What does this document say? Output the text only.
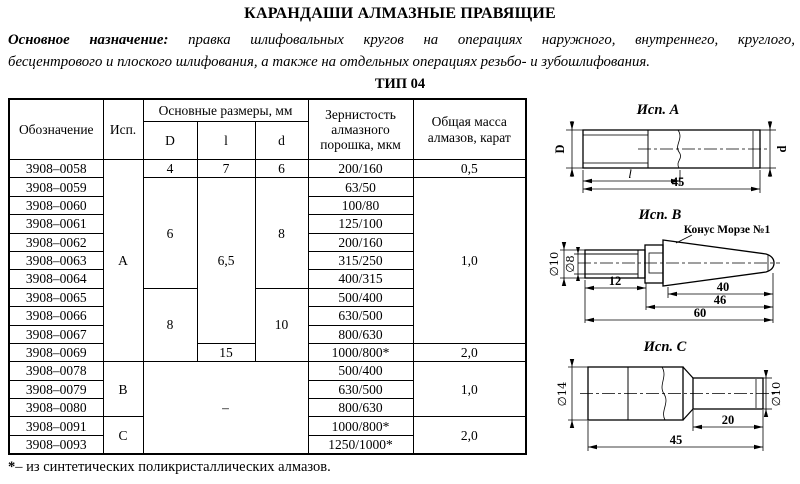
КАРАНДАШИ АЛМАЗНЫЕ ПРАВЯЩИЕ
Основное назначение: правка шлифовальных кругов на операциях наружного, внутреннего, круглого,
бесцентрового и плоского шлифования, а также на отдельных операциях резьбо- и зубошлифования.
ТИП 04
Обозначение	Исп.	Основные размеры, мм			Зернистость алмазного порошка, мкм	Общая масса алмазов, карат
		D	l	d		
3908–0058	А	4	7	6	200/160	0,5
3908–0059		6	6,5	8	63/50	1,0
3908–0060					100/80	
3908–0061					125/100	
3908–0062					200/160	
3908–0063					315/250	
3908–0064					400/315	
3908–0065		8		10	500/400	
3908–0066					630/500	
3908–0067					800/630	
3908–0069			15		1000/800*	2,0
3908–0078	В	–			500/400	1,0
3908–0079					630/500	
3908–0080					800/630	
3908–0091	С				1000/800*	2,0
3908–0093					1250/1000*	
*– из синтетических поликристаллических алмазов.
Исп. А
D	d
l
45
Исп. В
Конус Морзе №1
∅10 ∅8
12	40
46
60
Исп. С
∅14	∅10
20
45
